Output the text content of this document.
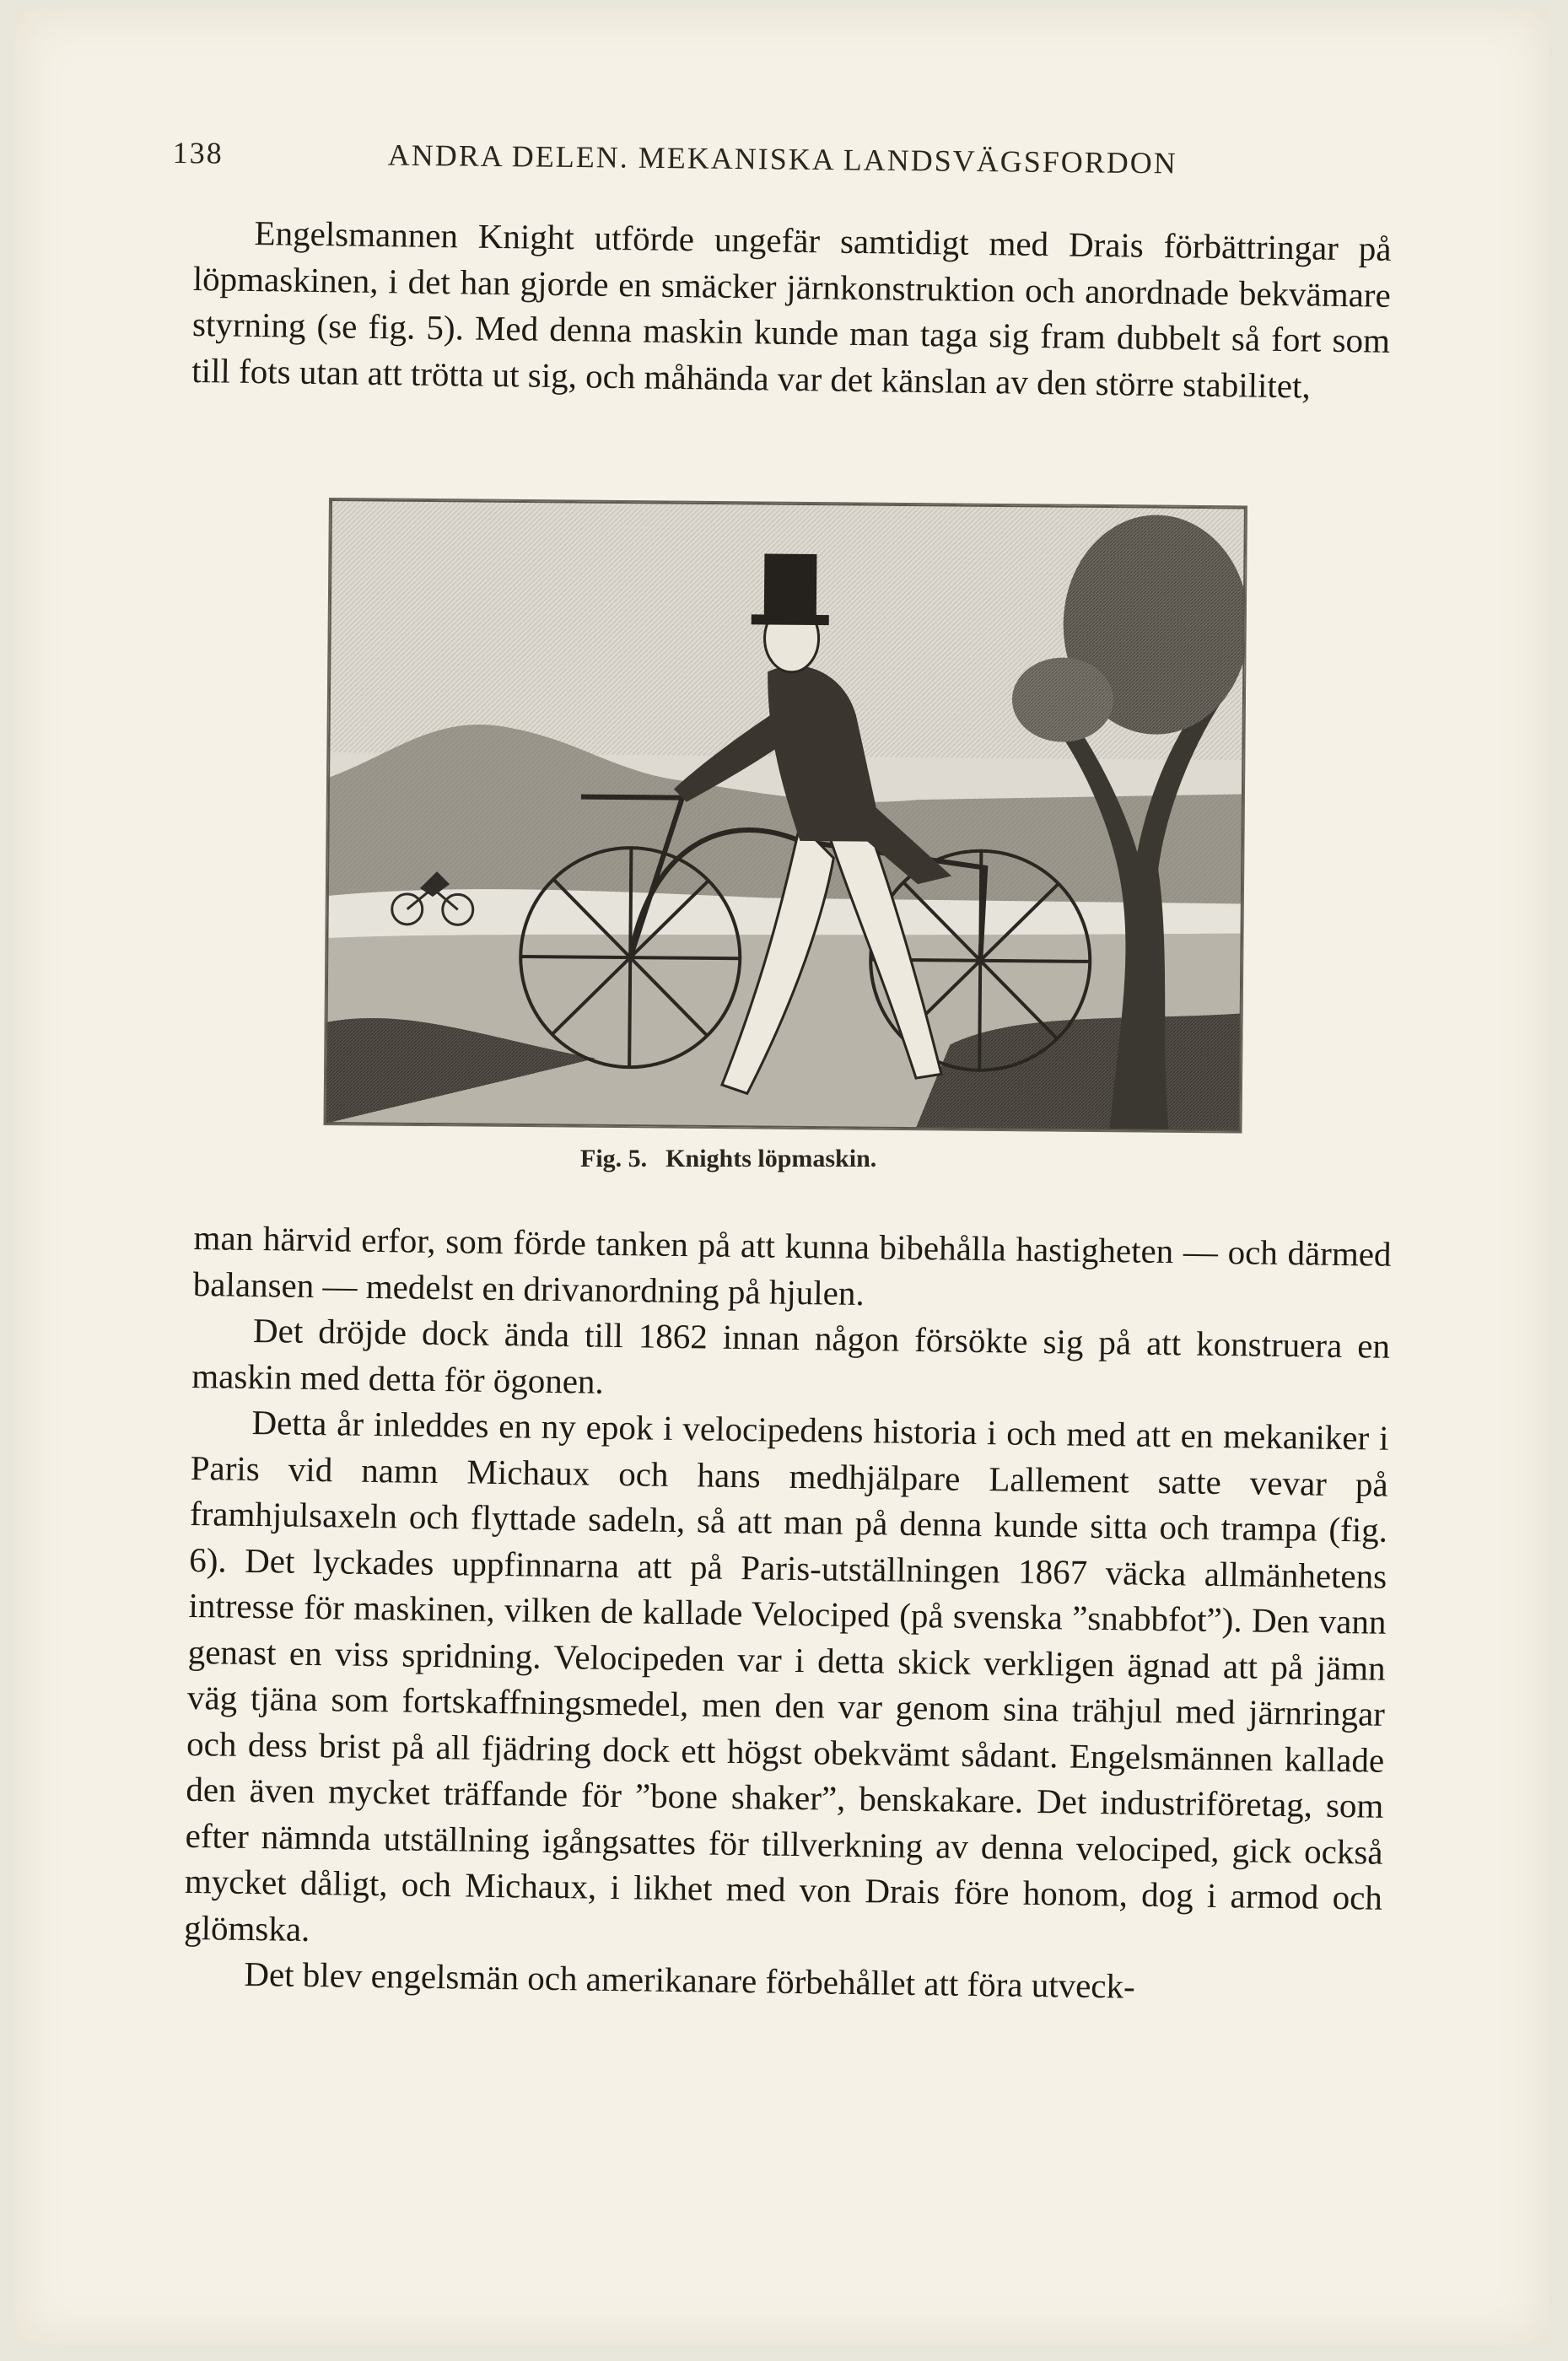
138	ANDRA DELEN. MEKANISKA LANDSVÄGSFORDON

Engelsmannen Knight utförde ungefär samtidigt med Drais förbättringar på löpmaskinen, i det han gjorde en smäcker järnkonstruktion och anordnade bekvämare styrning (se fig. 5). Med denna maskin kunde man taga sig fram dubbelt så fort som till fots utan att trötta ut sig, och måhända var det känslan av den större stabilitet,

Fig. 5. Knights löpmaskin.

man härvid erfor, som förde tanken på att kunna bibehålla hastigheten — och därmed balansen — medelst en drivanordning på hjulen.

Det dröjde dock ända till 1862 innan någon försökte sig på att konstruera en maskin med detta för ögonen.

Detta år inleddes en ny epok i velocipedens historia i och med att en mekaniker i Paris vid namn Michaux och hans medhjälpare Lallement satte vevar på framhjulsaxeln och flyttade sadeln, så att man på denna kunde sitta och trampa (fig. 6). Det lyckades uppfinnarna att på Paris-utställningen 1867 väcka allmänhetens intresse för maskinen, vilken de kallade Velociped (på svenska ”snabbfot”). Den vann genast en viss spridning. Velocipeden var i detta skick verkligen ägnad att på jämn väg tjäna som fortskaffningsmedel, men den var genom sina trähjul med järnringar och dess brist på all fjädring dock ett högst obekvämt sådant. Engelsmännen kallade den även mycket träffande för ”bone shaker”, benskakare. Det industriföretag, som efter nämnda utställning igångsattes för tillverkning av denna velociped, gick också mycket dåligt, och Michaux, i likhet med von Drais före honom, dog i armod och glömska.

Det blev engelsmän och amerikanare förbehållet att föra utveck-
